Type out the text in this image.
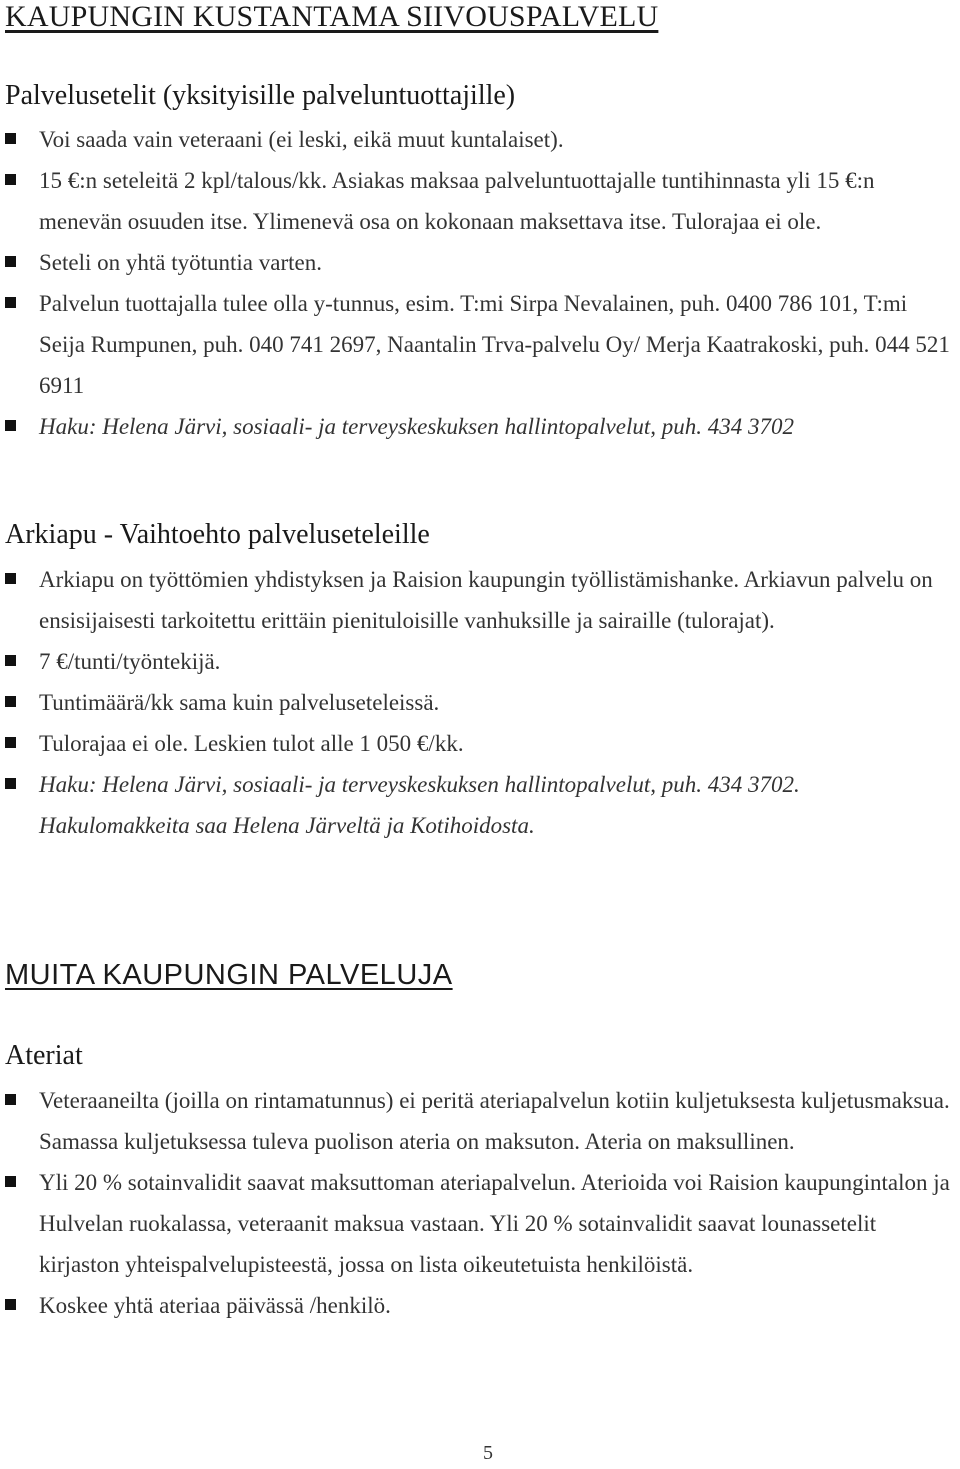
KAUPUNGIN KUSTANTAMA SIIVOUSPALVELU
Palvelusetelit (yksityisille palveluntuottajille)
Voi saada vain veteraani (ei leski, eikä muut kuntalaiset).
15 €:n seteleitä 2 kpl/talous/kk. Asiakas maksaa palveluntuottajalle tuntihinnasta yli 15 €:n menevän osuuden itse. Ylimenevä osa on kokonaan maksettava itse. Tulorajaa ei ole.
Seteli on yhtä työtuntia varten.
Palvelun tuottajalla tulee olla y-tunnus, esim. T:mi Sirpa Nevalainen, puh. 0400 786 101, T:mi Seija Rumpunen, puh. 040 741 2697, Naantalin Trva-palvelu Oy/ Merja Kaatrakoski, puh. 044 521 6911
Haku: Helena Järvi, sosiaali- ja terveyskeskuksen hallintopalvelut, puh. 434 3702
Arkiapu - Vaihtoehto palveluseteleille
Arkiapu on työttömien yhdistyksen ja Raision kaupungin työllistämishanke. Arkiavun palvelu on ensisijaisesti tarkoitettu erittäin pienituloisille vanhuksille ja sairaille (tulorajat).
7 €/tunti/työntekijä.
Tuntimäärä/kk sama kuin palveluseteleissä.
Tulorajaa ei ole. Leskien tulot alle 1 050 €/kk.
Haku: Helena Järvi, sosiaali- ja terveyskeskuksen hallintopalvelut, puh. 434 3702. Hakulomakkeita saa Helena Järveltä ja Kotihoidosta.
MUITA KAUPUNGIN PALVELUJA
Ateriat
Veteraaneilta (joilla on rintamatunnus) ei peritä ateriapalvelun kotiin kuljetuksesta kuljetusmaksua. Samassa kuljetuksessa tuleva puolison ateria on maksuton. Ateria on maksullinen.
Yli 20 % sotainvalidit saavat maksuttoman ateriapalvelun. Aterioida voi Raision kaupungintalon ja Hulvelan ruokalassa, veteraanit maksua vastaan. Yli 20 % sotainvalidit saavat lounassetelit kirjaston yhteispalvelupisteestä, jossa on lista oikeutetuista henkilöistä.
Koskee yhtä ateriaa päivässä /henkilö.
5
